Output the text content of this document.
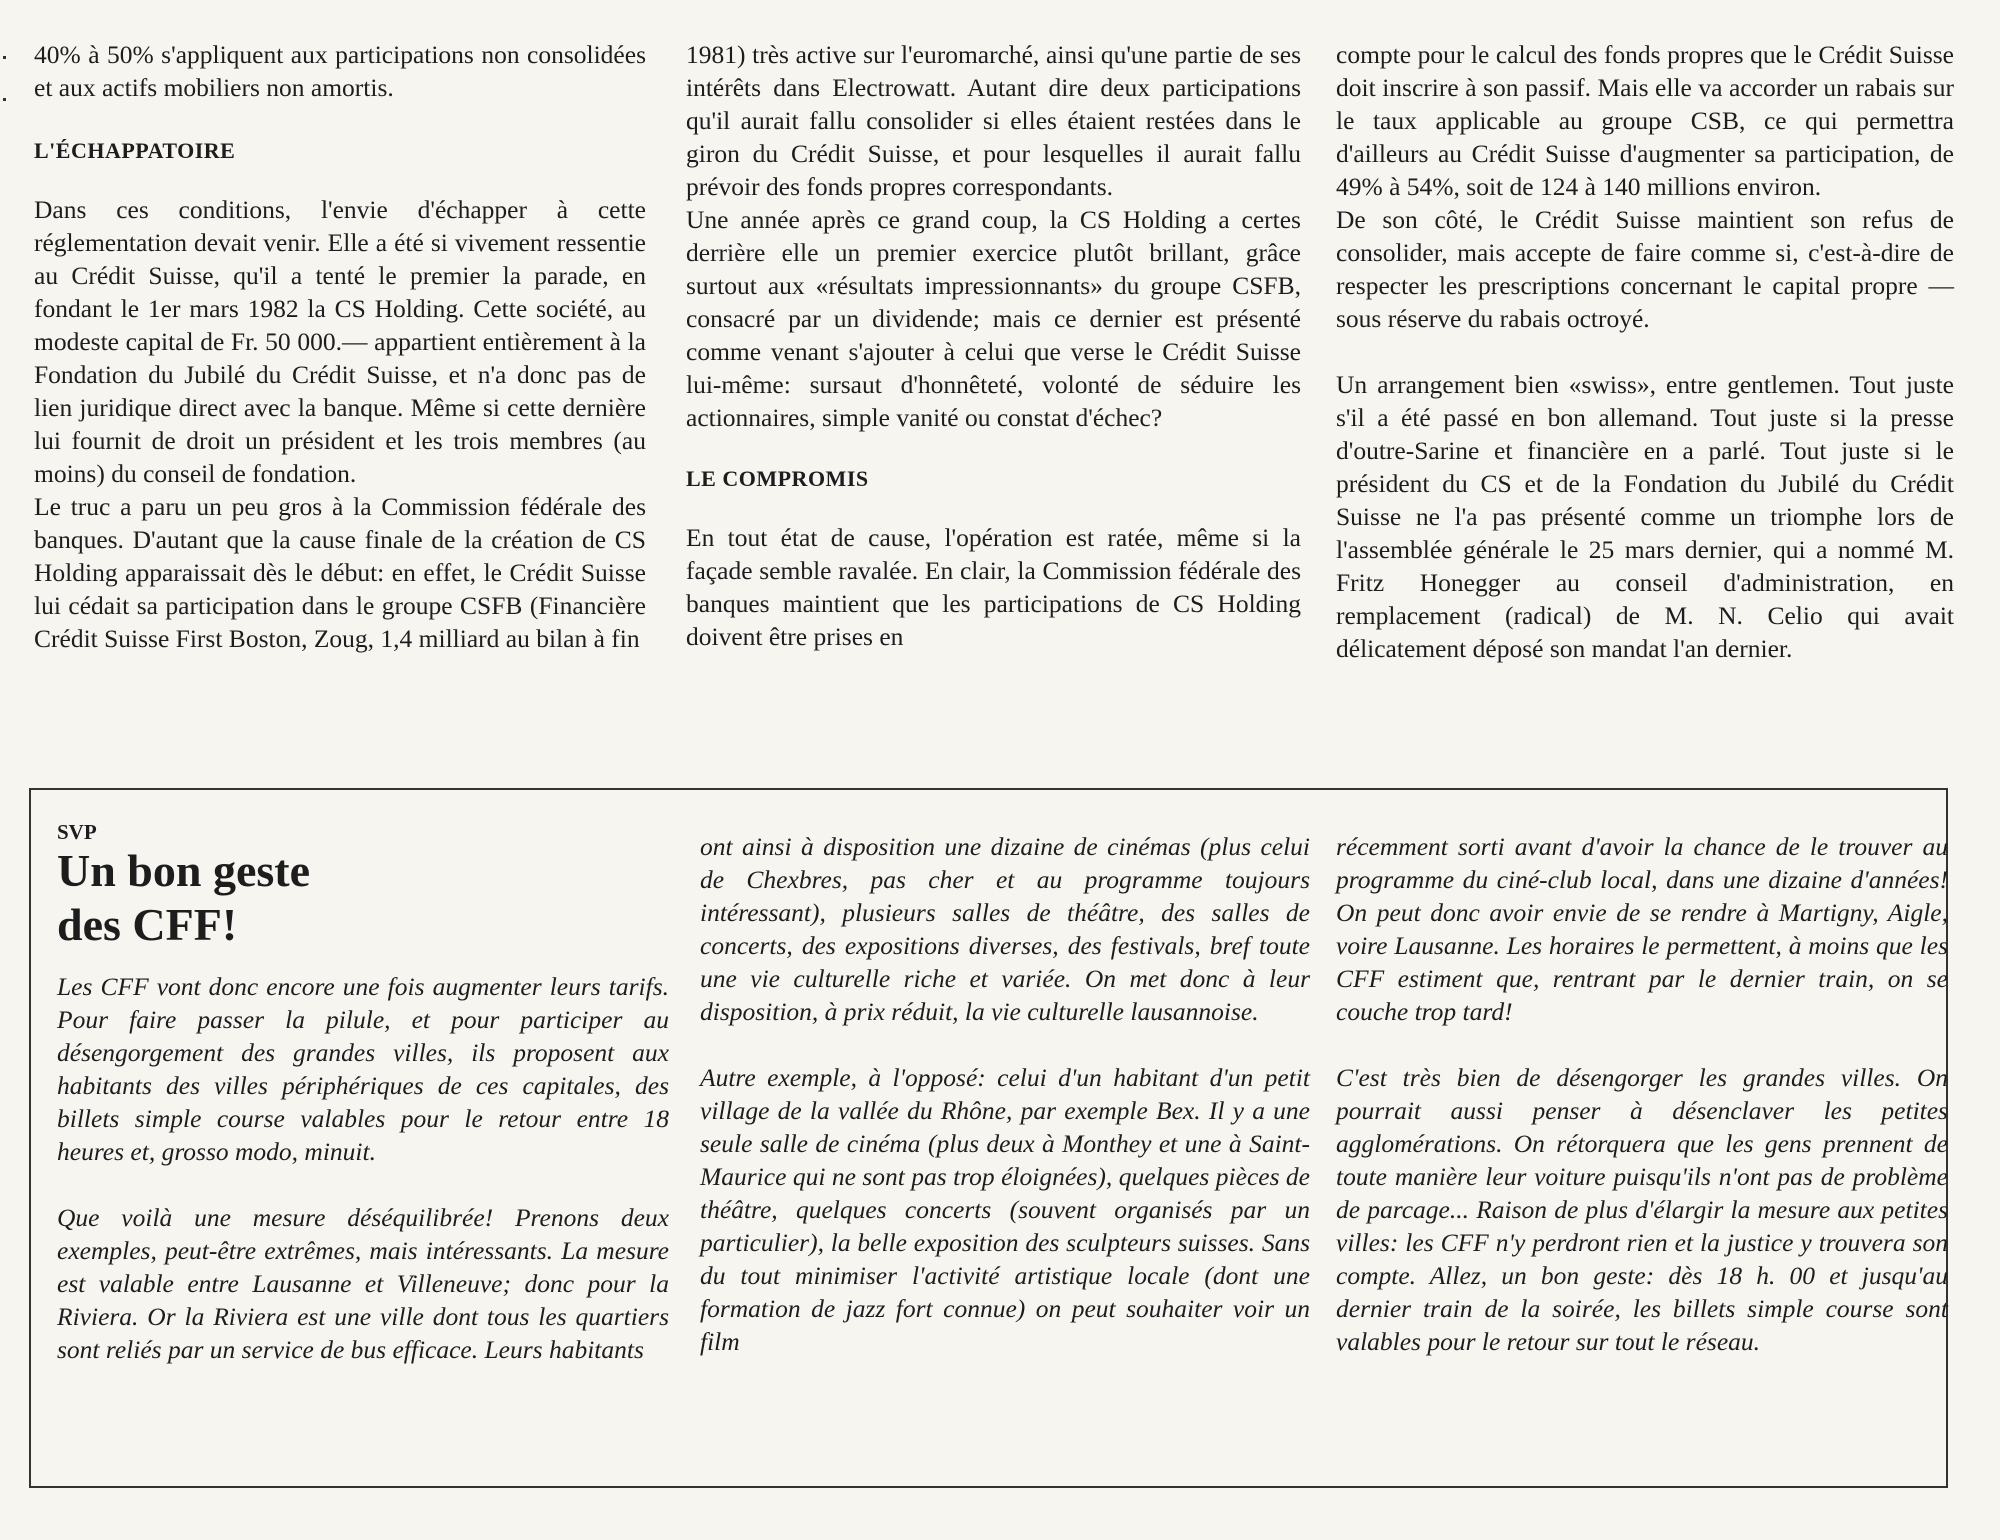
40% à 50% s'appliquent aux participations non consolidées et aux actifs mobiliers non amortis.

L'ÉCHAPPATOIRE

Dans ces conditions, l'envie d'échapper à cette réglementation devait venir. Elle a été si vivement ressentie au Crédit Suisse, qu'il a tenté le premier la parade, en fondant le 1er mars 1982 la CS Holding. Cette société, au modeste capital de Fr. 50 000.— appartient entièrement à la Fondation du Jubilé du Crédit Suisse, et n'a donc pas de lien juridique direct avec la banque. Même si cette dernière lui fournit de droit un président et les trois membres (au moins) du conseil de fondation.

Le truc a paru un peu gros à la Commission fédérale des banques. D'autant que la cause finale de la création de CS Holding apparaissait dès le début: en effet, le Crédit Suisse lui cédait sa participation dans le groupe CSFB (Financière Crédit Suisse First Boston, Zoug, 1,4 milliard au bilan à fin

1981) très active sur l'euromarché, ainsi qu'une partie de ses intérêts dans Electrowatt. Autant dire deux participations qu'il aurait fallu consolider si elles étaient restées dans le giron du Crédit Suisse, et pour lesquelles il aurait fallu prévoir des fonds propres correspondants.

Une année après ce grand coup, la CS Holding a certes derrière elle un premier exercice plutôt brillant, grâce surtout aux «résultats impressionnants» du groupe CSFB, consacré par un dividende; mais ce dernier est présenté comme venant s'ajouter à celui que verse le Crédit Suisse lui-même: sursaut d'honnêteté, volonté de séduire les actionnaires, simple vanité ou constat d'échec?

LE COMPROMIS

En tout état de cause, l'opération est ratée, même si la façade semble ravalée. En clair, la Commission fédérale des banques maintient que les participations de CS Holding doivent être prises en

compte pour le calcul des fonds propres que le Crédit Suisse doit inscrire à son passif. Mais elle va accorder un rabais sur le taux applicable au groupe CSB, ce qui permettra d'ailleurs au Crédit Suisse d'augmenter sa participation, de 49% à 54%, soit de 124 à 140 millions environ.

De son côté, le Crédit Suisse maintient son refus de consolider, mais accepte de faire comme si, c'est-à-dire de respecter les prescriptions concernant le capital propre — sous réserve du rabais octroyé.

Un arrangement bien «swiss», entre gentlemen. Tout juste s'il a été passé en bon allemand. Tout juste si la presse d'outre-Sarine et financière en a parlé. Tout juste si le président du CS et de la Fondation du Jubilé du Crédit Suisse ne l'a pas présenté comme un triomphe lors de l'assemblée générale le 25 mars dernier, qui a nommé M. Fritz Honegger au conseil d'administration, en remplacement (radical) de M. N. Celio qui avait délicatement déposé son mandat l'an dernier.

SVP

Un bon geste
des CFF!

Les CFF vont donc encore une fois augmenter leurs tarifs. Pour faire passer la pilule, et pour participer au désengorgement des grandes villes, ils proposent aux habitants des villes périphériques de ces capitales, des billets simple course valables pour le retour entre 18 heures et, grosso modo, minuit.

Que voilà une mesure déséquilibrée! Prenons deux exemples, peut-être extrêmes, mais intéressants. La mesure est valable entre Lausanne et Villeneuve; donc pour la Riviera. Or la Riviera est une ville dont tous les quartiers sont reliés par un service de bus efficace. Leurs habitants

ont ainsi à disposition une dizaine de cinémas (plus celui de Chexbres, pas cher et au programme toujours intéressant), plusieurs salles de théâtre, des salles de concerts, des expositions diverses, des festivals, bref toute une vie culturelle riche et variée. On met donc à leur disposition, à prix réduit, la vie culturelle lausannoise.

Autre exemple, à l'opposé: celui d'un habitant d'un petit village de la vallée du Rhône, par exemple Bex. Il y a une seule salle de cinéma (plus deux à Monthey et une à Saint-Maurice qui ne sont pas trop éloignées), quelques pièces de théâtre, quelques concerts (souvent organisés par un particulier), la belle exposition des sculpteurs suisses. Sans du tout minimiser l'activité artistique locale (dont une formation de jazz fort connue) on peut souhaiter voir un film

récemment sorti avant d'avoir la chance de le trouver au programme du ciné-club local, dans une dizaine d'années! On peut donc avoir envie de se rendre à Martigny, Aigle, voire Lausanne. Les horaires le permettent, à moins que les CFF estiment que, rentrant par le dernier train, on se couche trop tard!

C'est très bien de désengorger les grandes villes. On pourrait aussi penser à désenclaver les petites agglomérations. On rétorquera que les gens prennent de toute manière leur voiture puisqu'ils n'ont pas de problème de parcage... Raison de plus d'élargir la mesure aux petites villes: les CFF n'y perdront rien et la justice y trouvera son compte. Allez, un bon geste: dès 18 h. 00 et jusqu'au dernier train de la soirée, les billets simple course sont valables pour le retour sur tout le réseau.
